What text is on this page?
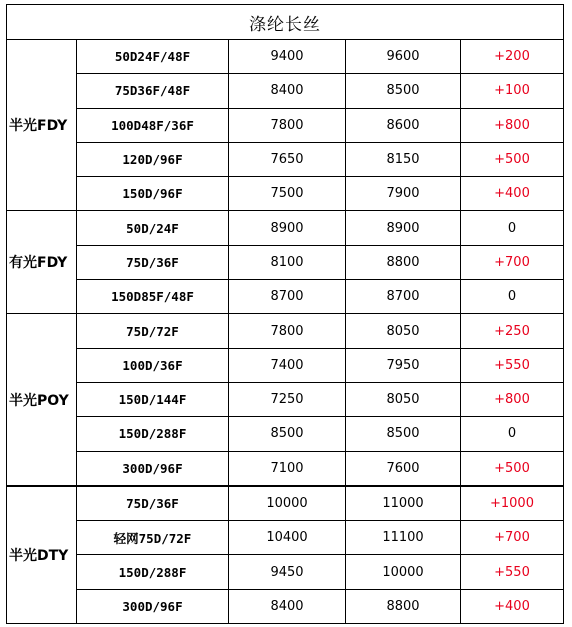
涤纶长丝				
半光FDY	50D24F/48F	9400	9600	+200
	75D36F/48F	8400	8500	+100
	100D48F/36F	7800	8600	+800
	120D/96F	7650	8150	+500
	150D/96F	7500	7900	+400
有光FDY	50D/24F	8900	8900	0
	75D/36F	8100	8800	+700
	150D85F/48F	8700	8700	0
半光POY	75D/72F	7800	8050	+250
	100D/36F	7400	7950	+550
	150D/144F	7250	8050	+800
	150D/288F	8500	8500	0
	300D/96F	7100	7600	+500
半光DTY	75D/36F	10000	11000	+1000
	轻网75D/72F	10400	11100	+700
	150D/288F	9450	10000	+550
	300D/96F	8400	8800	+400
